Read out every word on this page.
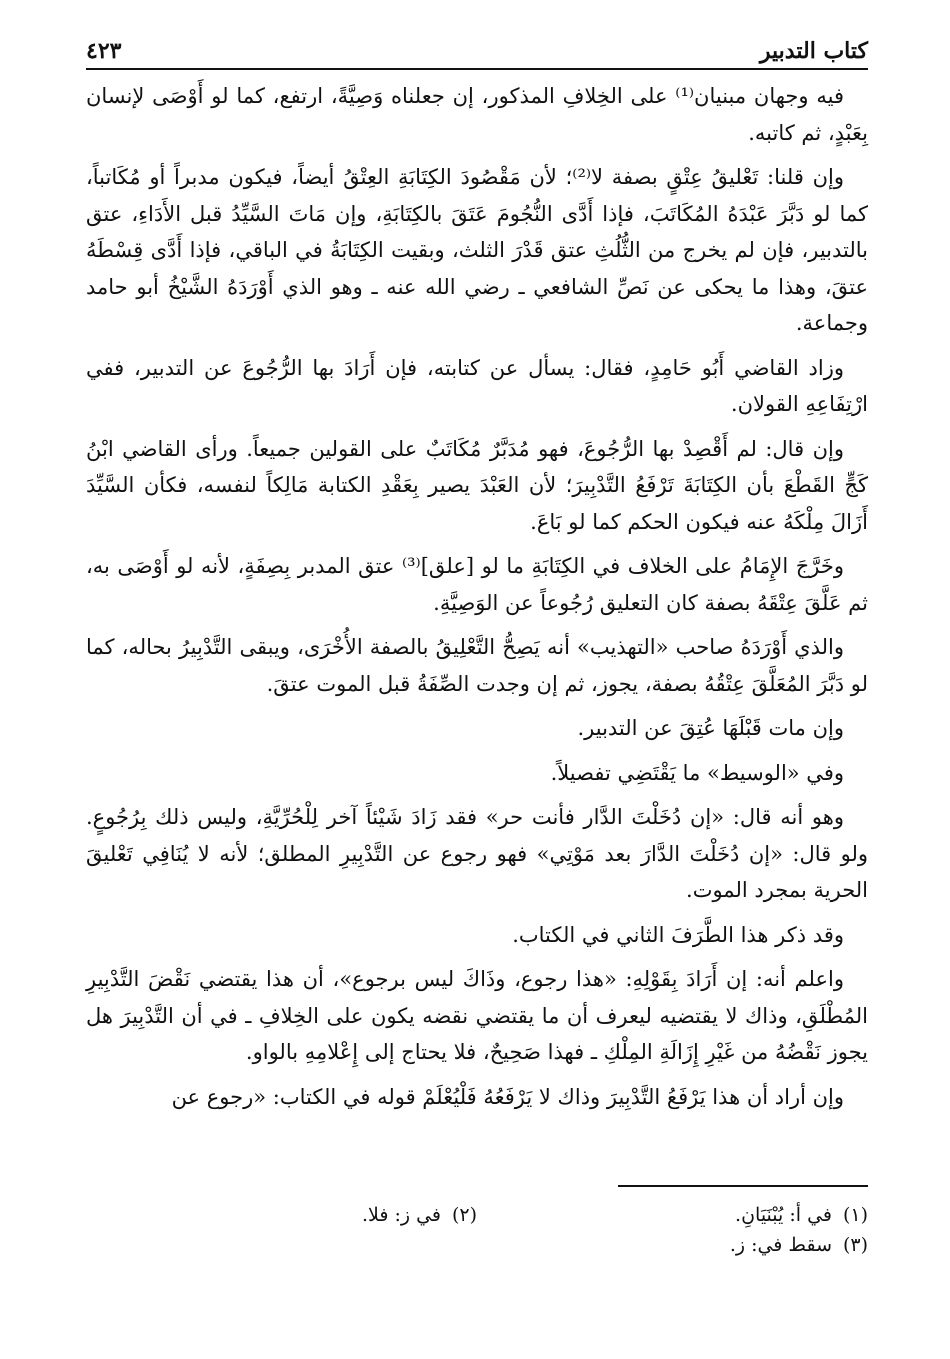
كتاب التدبير
٤٢٣

فيه وجهان مبنيان⁽¹⁾ على الخِلافِ المذكور، إن جعلناه وَصِيَّةً، ارتفع، كما لو أَوْصَى لإنسان بِعَبْدٍ، ثم كاتبه.

وإن قلنا: تَعْليقُ عِتْقٍ بصفة لا⁽²⁾؛ لأن مَقْصُودَ الكِتَابَةِ العِتْقُ أيضاً، فيكون مدبراً أو مُكَاتباً، كما لو دَبَّرَ عَبْدَهُ المُكَاتَبَ، فإذا أَدَّى النُّجُومَ عَتَقَ بالكِتَابَةِ، وإن مَاتَ السَّيِّدُ قبل الأَدَاءِ، عتق بالتدبير، فإن لم يخرج من الثُّلُثِ عتق قَدْرَ الثلث، وبقيت الكِتَابَةُ في الباقي، فإذا أَدَّى قِسْطَهُ عتقَ، وهذا ما يحكى عن نَصِّ الشافعي ـ رضي الله عنه ـ وهو الذي أَوْرَدَهُ الشَّيْخُ أبو حامد وجماعة.

وزاد القاضي أَبُو حَامِدٍ، فقال: يسأل عن كتابته، فإن أَرَادَ بها الرُّجُوعَ عن التدبير، ففي ارْتِفَاعِهِ القولان.

وإن قال: لم أَقْصِدْ بها الرُّجُوعَ، فهو مُدَبَّرٌ مُكَاتَبٌ على القولين جميعاً. ورأى القاضي ابْنُ كَجٍّ القَطْعَ بأن الكِتَابَةَ تَرْفَعُ التَّدْبِيرَ؛ لأن العَبْدَ يصير بِعَقْدِ الكتابة مَالِكاً لنفسه، فكأن السَّيِّدَ أَزَالَ مِلْكَهُ عنه فيكون الحكم كما لو بَاعَ.

وخَرَّجَ الإِمَامُ على الخلاف في الكِتَابَةِ ما لو [علق]⁽³⁾ عتق المدبر بِصِفَةٍ، لأنه لو أَوْصَى به، ثم عَلَّقَ عِتْقَهُ بصفة كان التعليق رُجُوعاً عن الوَصِيَّةِ.

والذي أَوْرَدَهُ صاحب «التهذيب» أنه يَصِحُّ التَّعْلِيقُ بالصفة الأُخْرَى، ويبقى التَّدْبِيرُ بحاله، كما لو دَبَّرَ المُعَلَّقَ عِتْقُهُ بصفة، يجوز، ثم إن وجدت الصِّفَةُ قبل الموت عتقَ.

وإن مات قَبْلَهَا عُتِقَ عن التدبير.

وفي «الوسيط» ما يَقْتَضِي تفصيلاً.

وهو أنه قال: «إن دُخَلْتَ الدَّار فأنت حر» فقد زَادَ شَيْئاً آخر لِلْحُرِّيَّةِ، وليس ذلك بِرُجُوعٍ. ولو قال: «إن دُخَلْتَ الدَّارَ بعد مَوْتِي» فهو رجوع عن التَّدْبِيرِ المطلق؛ لأنه لا يُنَافِي تَعْليقَ الحرية بمجرد الموت.

وقد ذكر هذا الطَّرَفَ الثاني في الكتاب.

واعلم أنه: إن أَرَادَ بِقَوْلِهِ: «هذا رجوع، وذَاكَ ليس برجوع»، أن هذا يقتضي نَقْضَ التَّدْبِيرِ المُطْلَقِ، وذاك لا يقتضيه ليعرف أن ما يقتضي نقضه يكون على الخِلافِ ـ في أن التَّدْبِيرَ هل يجوز نَقْضُهُ من غَيْرِ إِزَالَةِ المِلْكِ ـ فهذا صَحِيحٌ، فلا يحتاج إلى إِعْلامِهِ بالواو.

وإن أراد أن هذا يَرْفَعُ التَّدْبِيرَ وذاك لا يَرْفَعُهُ فَلْيُعْلَمْ قوله في الكتاب: «رجوع عن

(١)
في أ: يُبْنَيَانِ.
(٢)
في ز: فلا.
(٣)
سقط في: ز.
